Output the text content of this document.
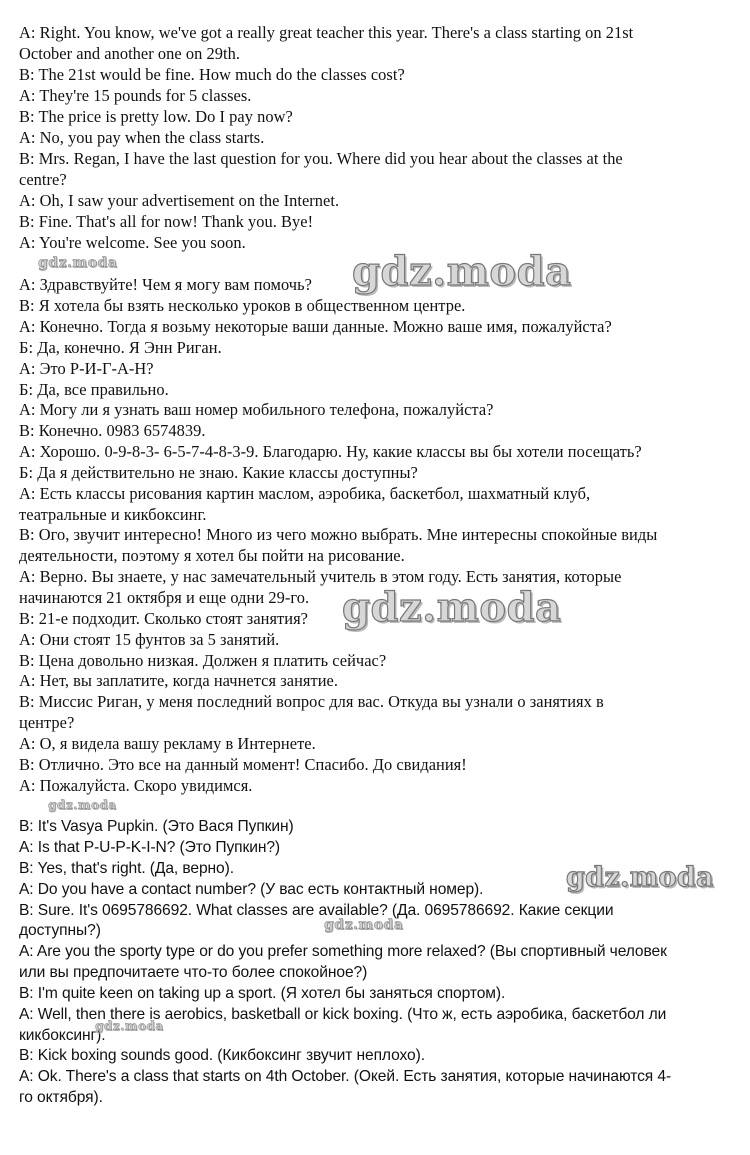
A: Right. You know, we've got a really great teacher this year. There's a class starting on 21st
October and another one on 29th.
B: The 21st would be fine. How much do the classes cost?
A: They're 15 pounds for 5 classes.
B: The price is pretty low. Do I pay now?
A: No, you pay when the class starts.
B: Mrs. Regan, I have the last question for you. Where did you hear about the classes at the
centre?
A: Oh, I saw your advertisement on the Internet.
B: Fine. That's all for now! Thank you. Bye!
A: You're welcome. See you soon.
A: Здравствуйте! Чем я могу вам помочь?
B: Я хотела бы взять несколько уроков в общественном центре.
A: Конечно. Тогда я возьму некоторые ваши данные. Можно ваше имя, пожалуйста?
Б: Да, конечно. Я Энн Риган.
A: Это Р-И-Г-А-Н?
Б: Да, все правильно.
A: Могу ли я узнать ваш номер мобильного телефона, пожалуйста?
B: Конечно. 0983 6574839.
A: Хорошо. 0-9-8-3- 6-5-7-4-8-3-9. Благодарю. Ну, какие классы вы бы хотели посещать?
Б: Да я действительно не знаю. Какие классы доступны?
A: Есть классы рисования картин маслом, аэробика, баскетбол, шахматный клуб,
театральные и кикбоксинг.
B: Ого, звучит интересно! Много из чего можно выбрать. Мне интересны спокойные виды
деятельности, поэтому я хотел бы пойти на рисование.
A: Верно. Вы знаете, у нас замечательный учитель в этом году. Есть занятия, которые
начинаются 21 октября и еще одни 29-го.
B: 21-е подходит. Сколько стоят занятия?
A: Они стоят 15 фунтов за 5 занятий.
B: Цена довольно низкая. Должен я платить сейчас?
A: Нет, вы заплатите, когда начнется занятие.
B: Миссис Риган, у меня последний вопрос для вас. Откуда вы узнали о занятиях в
центре?
A: О, я видела вашу рекламу в Интернете.
B: Отлично. Это все на данный момент! Спасибо. До свидания!
A: Пожалуйста. Скоро увидимся.
B: It's Vasya Pupkin. (Это Вася Пупкин)
A: Is that P-U-P-K-I-N? (Это Пупкин?)
B: Yes, that's right. (Да, верно).
A: Do you have a contact number? (У вас есть контактный номер).
B: Sure. It's 0695786692. What classes are available? (Да. 0695786692. Какие секции
доступны?)
A: Are you the sporty type or do you prefer something more relaxed? (Вы спортивный человек
или вы предпочитаете что-то более спокойное?)
B: I'm quite keen on taking up a sport. (Я хотел бы заняться спортом).
A: Well, then there is aerobics, basketball or kick boxing. (Что ж, есть аэробика, баскетбол ли
кикбоксинг).
B: Kick boxing sounds good. (Кикбоксинг звучит неплохо).
A: Ok. There's a class that starts on 4th October. (Окей. Есть занятия, которые начинаются 4-
го октября).
gdz.moda	gdz.moda
gdz.moda
gdz.moda
gdz.moda
gdz.moda
gdz.moda
